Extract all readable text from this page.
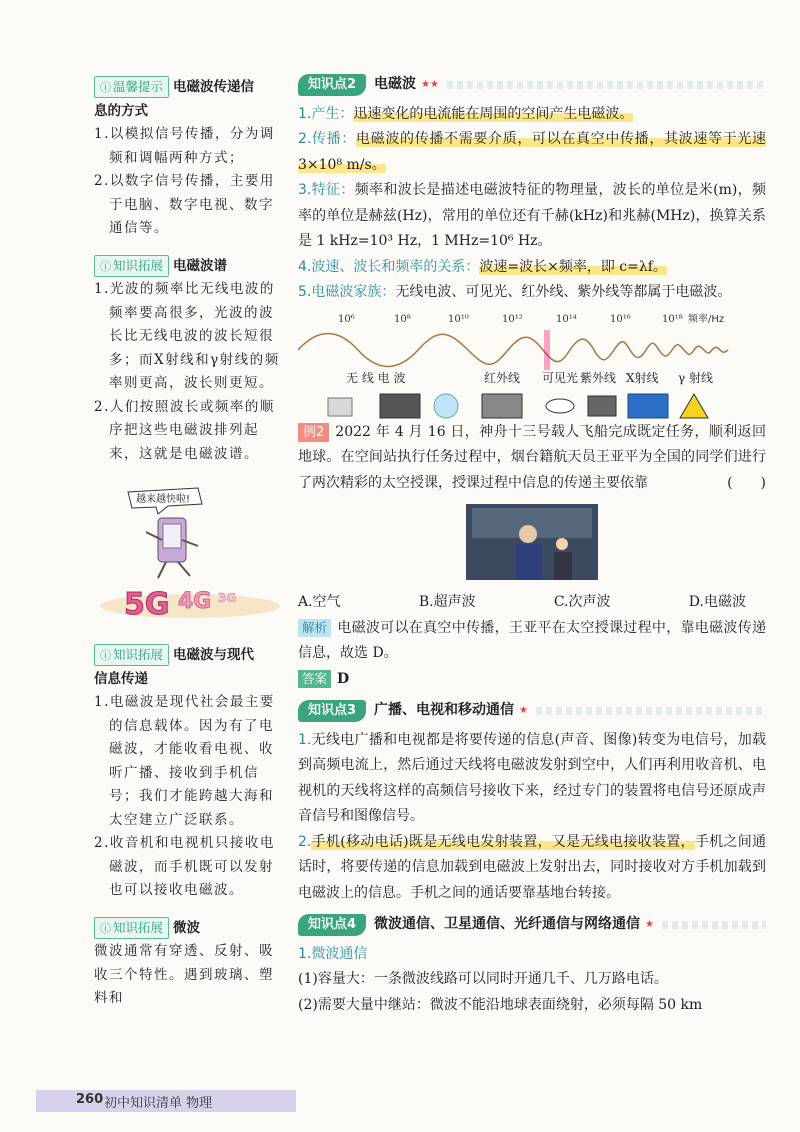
ⓘ 温馨提示 电磁波传递信
息的方式
1.以模拟信号传播，分为调频和调幅两种方式；
2.以数字信号传播，主要用于电脑、数字电视、数字通信等。
ⓘ 知识拓展 电磁波谱
1.光波的频率比无线电波的频率要高很多，光波的波长比无线电波的波长短很多；而X射线和γ射线的频率则更高，波长则更短。
2.人们按照波长或频率的顺序把这些电磁波排列起来，这就是电磁波谱。
越来越快啦!
5G 4G 3G
ⓘ 知识拓展 电磁波与现代
信息传递
1.电磁波是现代社会最主要的信息载体。因为有了电磁波，才能收看电视、收听广播、接收到手机信号；我们才能跨越大海和太空建立广泛联系。
2.收音机和电视机只接收电磁波，而手机既可以发射也可以接收电磁波。
ⓘ 知识拓展 微波
微波通常有穿透、反射、吸收三个特性。遇到玻璃、塑料和
知识点2	电磁波 ★★

1.产生：迅速变化的电流能在周围的空间产生电磁波。

2.传播：电磁波的传播不需要介质，可以在真空中传播，其波速等于光速 3×10⁸ m/s。

3.特征：频率和波长是描述电磁波特征的物理量，波长的单位是米(m)，频率的单位是赫兹(Hz)，常用的单位还有千赫(kHz)和兆赫(MHz)，换算关系是 1 kHz=10³ Hz，1 MHz=10⁶ Hz。

4.波速、波长和频率的关系：波速=波长×频率，即 c=λf。

5.电磁波家族：无线电波、可见光、红外线、紫外线等都属于电磁波。

10⁶	10⁸	10¹⁰	10¹²	10¹⁴	10¹⁶	10¹⁸ 频率/Hz
无 线 电 波	红外线 可见光 紫外线 X射线 γ 射线

例2 2022 年 4 月 16 日，神舟十三号载人飞船完成既定任务，顺利返回地球。在空间站执行任务过程中，烟台籍航天员王亚平为全国的同学们进行了两次精彩的太空授课，授课过程中信息的传递主要依靠	(　　)

A.空气	B.超声波	C.次声波	D.电磁波

解析 电磁波可以在真空中传播，王亚平在太空授课过程中，靠电磁波传递信息，故选 D。

答案 D

知识点3	广播、电视和移动通信 ★

1.无线电广播和电视都是将要传递的信息(声音、图像)转变为电信号，加载到高频电流上，然后通过天线将电磁波发射到空中，人们再利用收音机、电视机的天线将这样的高频信号接收下来，经过专门的装置将电信号还原成声音信号和图像信号。

2.手机(移动电话)既是无线电发射装置，又是无线电接收装置，手机之间通话时，将要传递的信息加载到电磁波上发射出去，同时接收对方手机加载到电磁波上的信息。手机之间的通话要靠基地台转接。

知识点4	微波通信、卫星通信、光纤通信与网络通信 ★
1.微波通信

(1)容量大：一条微波线路可以同时开通几千、几万路电话。

(2)需要大量中继站：微波不能沿地球表面绕射，必须每隔 50 km

260 初中知识清单 物理
